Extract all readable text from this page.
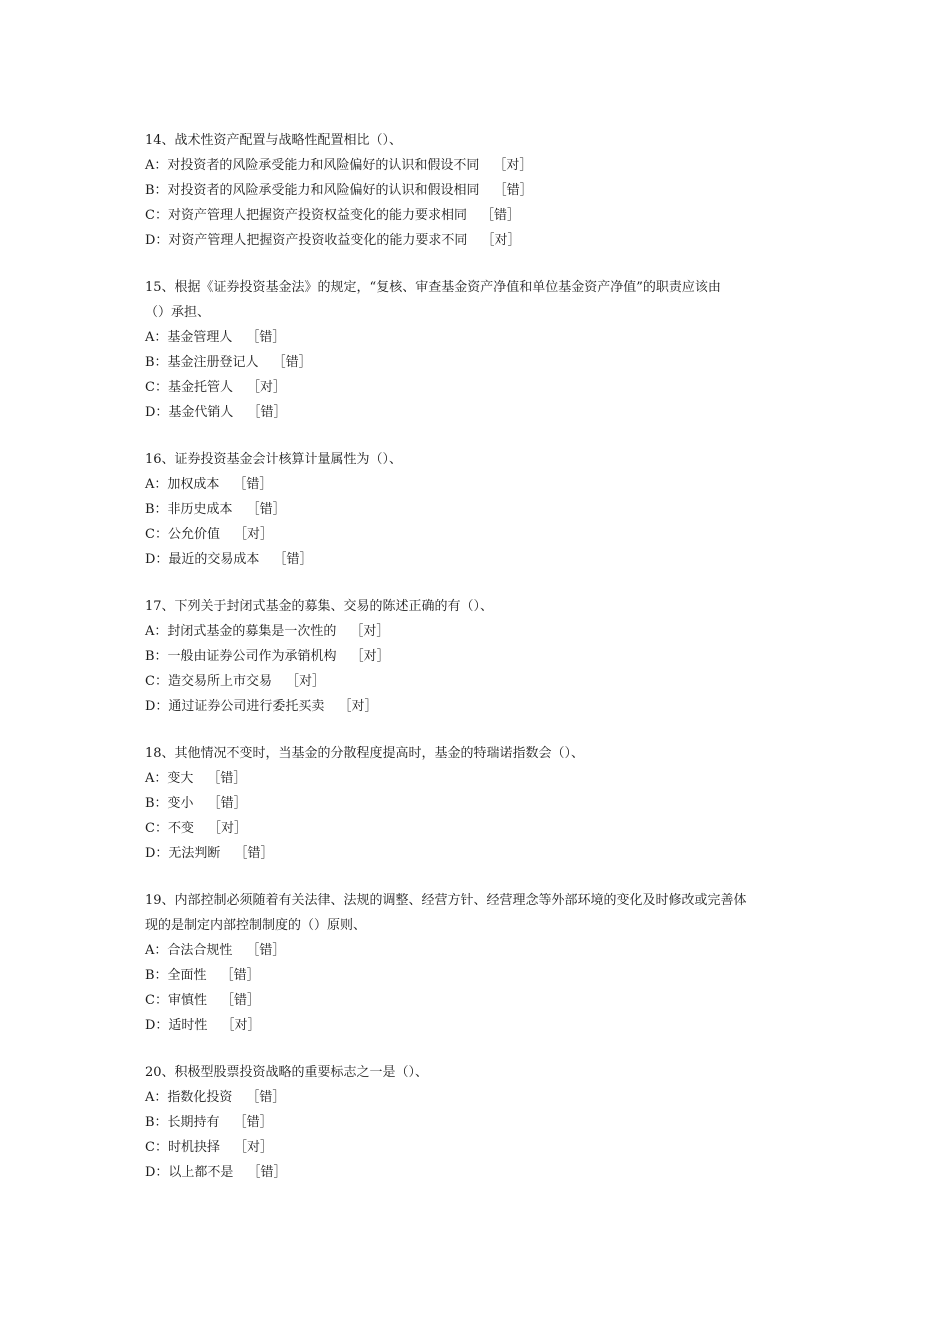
14、战术性资产配置与战略性配置相比（）、
A：对投资者的风险承受能力和风险偏好的认识和假设不同 ［对］
B：对投资者的风险承受能力和风险偏好的认识和假设相同 ［错］
C：对资产管理人把握资产投资权益变化的能力要求相同 ［错］
D：对资产管理人把握资产投资收益变化的能力要求不同 ［对］
15、根据《证券投资基金法》的规定，“复核、审查基金资产净值和单位基金资产净值”的职责应该由
（）承担、
A：基金管理人 ［错］
B：基金注册登记人 ［错］
C：基金托管人 ［对］
D：基金代销人 ［错］
16、证券投资基金会计核算计量属性为（）、
A：加权成本 ［错］
B：非历史成本 ［错］
C：公允价值 ［对］
D：最近的交易成本 ［错］
17、下列关于封闭式基金的募集、交易的陈述正确的有（）、
A：封闭式基金的募集是一次性的 ［对］
B：一般由证券公司作为承销机构 ［对］
C：造交易所上市交易 ［对］
D：通过证券公司进行委托买卖 ［对］
18、其他情况不变时，当基金的分散程度提高时，基金的特瑞诺指数会（）、
A：变大 ［错］
B：变小 ［错］
C：不变 ［对］
D：无法判断 ［错］
19、内部控制必须随着有关法律、法规的调整、经营方针、经营理念等外部环境的变化及时修改或完善体
现的是制定内部控制制度的（）原则、
A：合法合规性 ［错］
B：全面性 ［错］
C：审慎性 ［错］
D：适时性 ［对］
20、积极型股票投资战略的重要标志之一是（）、
A：指数化投资 ［错］
B：长期持有 ［错］
C：时机抉择 ［对］
D：以上都不是 ［错］
